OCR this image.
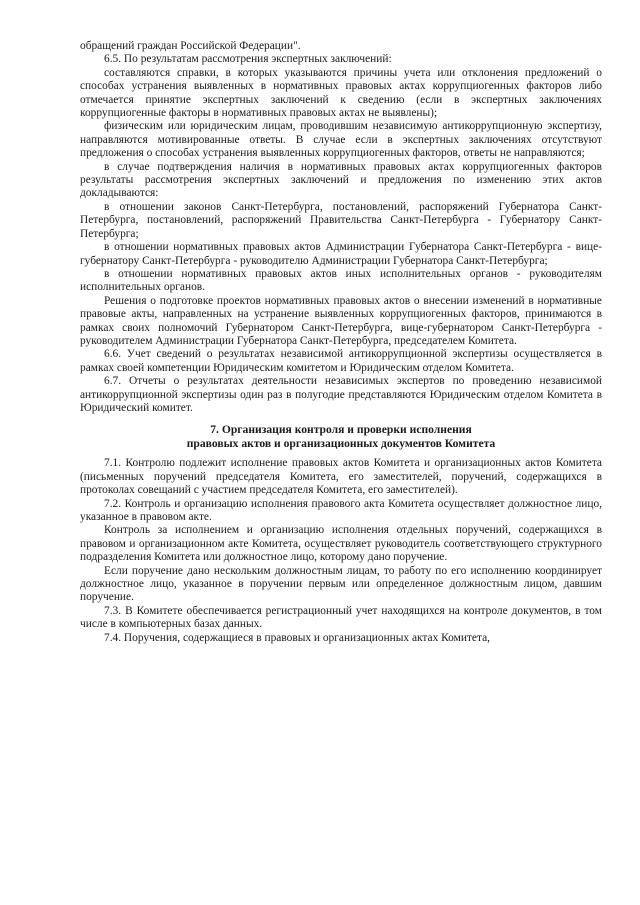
обращений граждан Российской Федерации".

6.5. По результатам рассмотрения экспертных заключений:

составляются справки, в которых указываются причины учета или отклонения предложений о способах устранения выявленных в нормативных правовых актах коррупциогенных факторов либо отмечается принятие экспертных заключений к сведению (если в экспертных заключениях коррупциогенные факторы в нормативных правовых актах не выявлены);

физическим или юридическим лицам, проводившим независимую антикоррупционную экспертизу, направляются мотивированные ответы. В случае если в экспертных заключениях отсутствуют предложения о способах устранения выявленных коррупциогенных факторов, ответы не направляются;

в случае подтверждения наличия в нормативных правовых актах коррупциогенных факторов результаты рассмотрения экспертных заключений и предложения по изменению этих актов докладываются:

в отношении законов Санкт-Петербурга, постановлений, распоряжений Губернатора Санкт-Петербурга, постановлений, распоряжений Правительства Санкт-Петербурга - Губернатору Санкт-Петербурга;

в отношении нормативных правовых актов Администрации Губернатора Санкт-Петербурга - вице-губернатору Санкт-Петербурга - руководителю Администрации Губернатора Санкт-Петербурга;

в отношении нормативных правовых актов иных исполнительных органов - руководителям исполнительных органов.

Решения о подготовке проектов нормативных правовых актов о внесении изменений в нормативные правовые акты, направленных на устранение выявленных коррупциогенных факторов, принимаются в рамках своих полномочий Губернатором Санкт-Петербурга, вице-губернатором Санкт-Петербурга - руководителем Администрации Губернатора Санкт-Петербурга, председателем Комитета.

6.6. Учет сведений о результатах независимой антикоррупционной экспертизы осуществляется в рамках своей компетенции Юридическим комитетом и Юридическим отделом Комитета.

6.7. Отчеты о результатах деятельности независимых экспертов по проведению независимой антикоррупционной экспертизы один раз в полугодие представляются Юридическим отделом Комитета в Юридический комитет.

7. Организация контроля и проверки исполнения
правовых актов и организационных документов Комитета

7.1. Контролю подлежит исполнение правовых актов Комитета и организационных актов Комитета (письменных поручений председателя Комитета, его заместителей, поручений, содержащихся в протоколах совещаний с участием председателя Комитета, его заместителей).

7.2. Контроль и организацию исполнения правового акта Комитета осуществляет должностное лицо, указанное в правовом акте.

Контроль за исполнением и организацию исполнения отдельных поручений, содержащихся в правовом и организационном акте Комитета, осуществляет руководитель соответствующего структурного подразделения Комитета или должностное лицо, которому дано поручение.

Если поручение дано нескольким должностным лицам, то работу по его исполнению координирует должностное лицо, указанное в поручении первым или определенное должностным лицом, давшим поручение.

7.3. В Комитете обеспечивается регистрационный учет находящихся на контроле документов, в том числе в компьютерных базах данных.

7.4. Поручения, содержащиеся в правовых и организационных актах Комитета,
